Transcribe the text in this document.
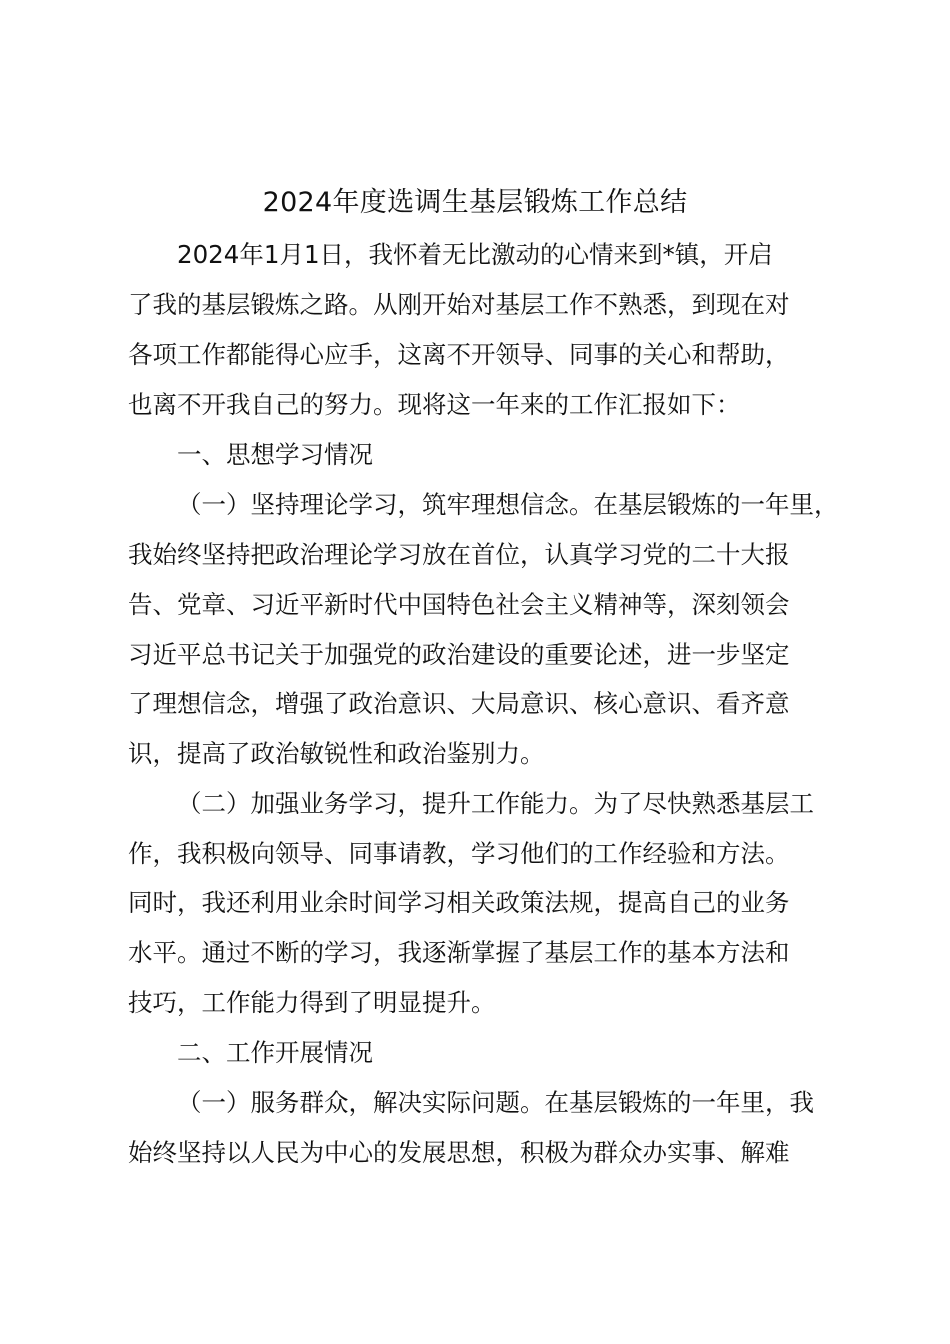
2024年度选调生基层锻炼工作总结
2024年1月1日，我怀着无比激动的心情来到*镇，开启
了我的基层锻炼之路。从刚开始对基层工作不熟悉，到现在对
各项工作都能得心应手，这离不开领导、同事的关心和帮助，
也离不开我自己的努力。现将这一年来的工作汇报如下：
一、思想学习情况
（一）坚持理论学习，筑牢理想信念。在基层锻炼的一年里，
我始终坚持把政治理论学习放在首位，认真学习党的二十大报
告、党章、习近平新时代中国特色社会主义精神等，深刻领会
习近平总书记关于加强党的政治建设的重要论述，进一步坚定
了理想信念，增强了政治意识、大局意识、核心意识、看齐意
识，提高了政治敏锐性和政治鉴别力。
（二）加强业务学习，提升工作能力。为了尽快熟悉基层工
作，我积极向领导、同事请教，学习他们的工作经验和方法。
同时，我还利用业余时间学习相关政策法规，提高自己的业务
水平。通过不断的学习，我逐渐掌握了基层工作的基本方法和
技巧，工作能力得到了明显提升。
二、工作开展情况
（一）服务群众，解决实际问题。在基层锻炼的一年里，我
始终坚持以人民为中心的发展思想，积极为群众办实事、解难
